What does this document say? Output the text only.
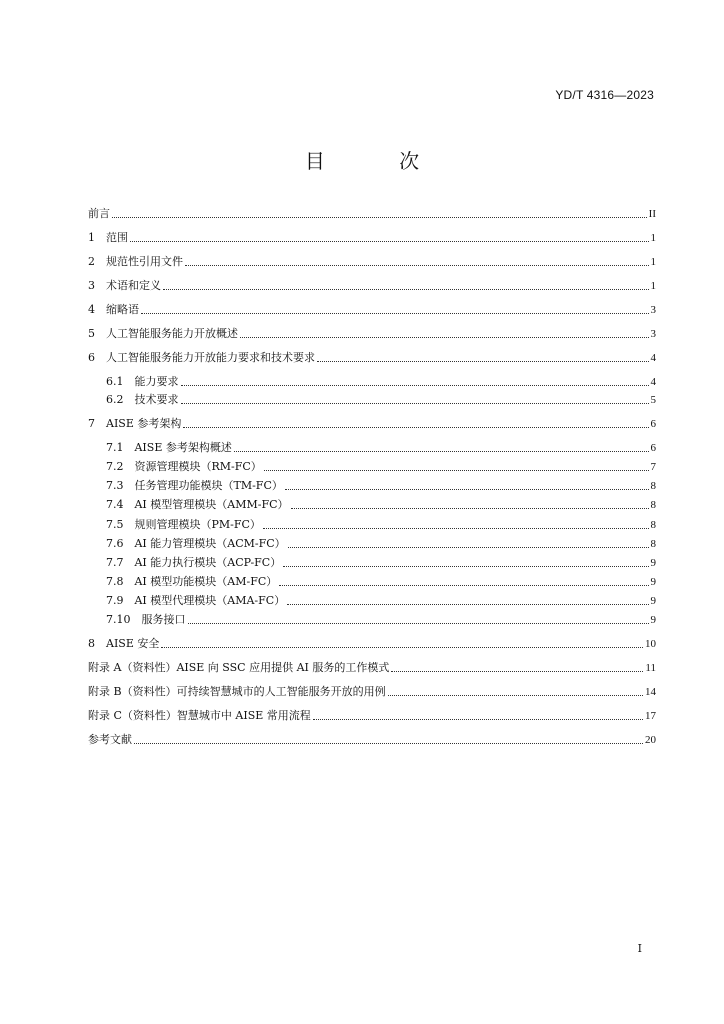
YD/T 4316—2023
目 次
前言	II
1　范围	1
2　规范性引用文件	1
3　术语和定义	1
4　缩略语	3
5　人工智能服务能力开放概述	3
6　人工智能服务能力开放能力要求和技术要求	4
6.1　能力要求	4
6.2　技术要求	5
7　AISE 参考架构	6
7.1　AISE 参考架构概述	6
7.2　资源管理模块（RM-FC）	7
7.3　任务管理功能模块（TM-FC）	8
7.4　AI 模型管理模块（AMM-FC）	8
7.5　规则管理模块（PM-FC）	8
7.6　AI 能力管理模块（ACM-FC）	8
7.7　AI 能力执行模块（ACP-FC）	9
7.8　AI 模型功能模块（AM-FC）	9
7.9　AI 模型代理模块（AMA-FC）	9
7.10　服务接口	9
8　AISE 安全	10
附录 A（资料性）AISE 向 SSC 应用提供 AI 服务的工作模式	11
附录 B（资料性）可持续智慧城市的人工智能服务开放的用例	14
附录 C（资料性）智慧城市中 AISE 常用流程	17
参考文献	20
I
